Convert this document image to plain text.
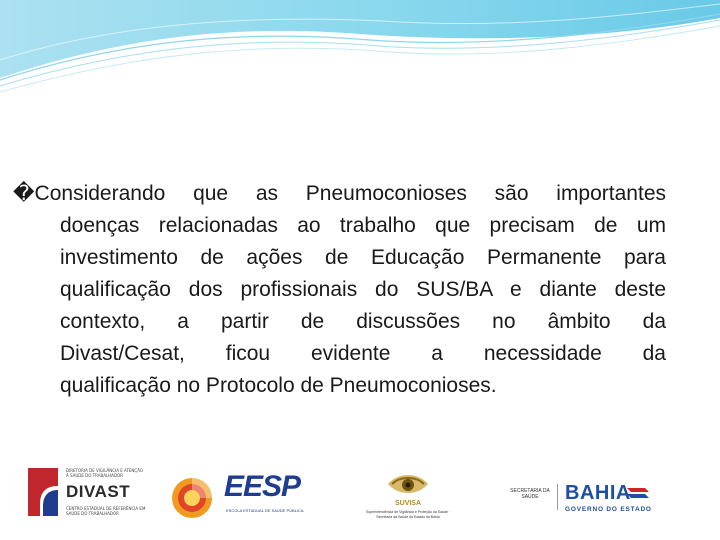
�Considerando que as Pneumoconioses são importantes
doenças relacionadas ao trabalho que precisam de um
investimento de ações de Educação Permanente para
qualificação dos profissionais do SUS/BA e diante deste
contexto, a partir de discussões no âmbito da
Divast/Cesat, ficou evidente a necessidade da
qualificação no Protocolo de Pneumoconioses.
DIRETORIA DE VIGILÂNCIA E ATENÇÃO À SAÚDE DO TRABALHADOR
DIVAST
CENTRO ESTADUAL DE REFERÊNCIA EM SAÚDE DO TRABALHADOR
EESP
ESCOLA ESTADUAL DE SAÚDE PÚBLICA
SUVISA
Superintendência de Vigilância e Proteção da Saúde · Secretaria da Saúde do Estado da Bahia
SECRETARIA DA SAÚDE	BAHIA
GOVERNO DO ESTADO
